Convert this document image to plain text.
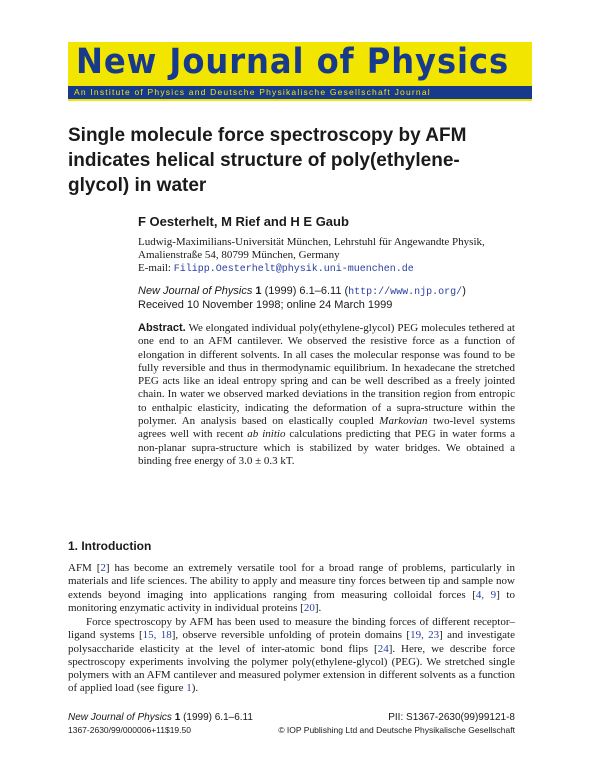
New Journal of Physics
An Institute of Physics and Deutsche Physikalische Gesellschaft Journal
Single molecule force spectroscopy by AFM indicates helical structure of poly(ethylene-glycol) in water
F Oesterhelt, M Rief and H E Gaub
Ludwig-Maximilians-Universität München, Lehrstuhl für Angewandte Physik,
Amalienstraße 54, 80799 München, Germany
E-mail: Filipp.Oesterhelt@physik.uni-muenchen.de
New Journal of Physics 1 (1999) 6.1–6.11 (http://www.njp.org/)
Received 10 November 1998; online 24 March 1999
Abstract. We elongated individual poly(ethylene-glycol) PEG molecules tethered at one end to an AFM cantilever. We observed the resistive force as a function of elongation in different solvents. In all cases the molecular response was found to be fully reversible and thus in thermodynamic equilibrium. In hexadecane the stretched PEG acts like an ideal entropy spring and can be well described as a freely jointed chain. In water we observed marked deviations in the transition region from entropic to enthalpic elasticity, indicating the deformation of a supra-structure within the polymer. An analysis based on elastically coupled Markovian two-level systems agrees well with recent ab initio calculations predicting that PEG in water forms a non-planar supra-structure which is stabilized by water bridges. We obtained a binding free energy of 3.0 ± 0.3 kT.
1. Introduction
AFM [2] has become an extremely versatile tool for a broad range of problems, particularly in materials and life sciences. The ability to apply and measure tiny forces between tip and sample now extends beyond imaging into applications ranging from measuring colloidal forces [4, 9] to monitoring enzymatic activity in individual proteins [20].
Force spectroscopy by AFM has been used to measure the binding forces of different receptor–ligand systems [15, 18], observe reversible unfolding of protein domains [19, 23] and investigate polysaccharide elasticity at the level of inter-atomic bond flips [24]. Here, we describe force spectroscopy experiments involving the polymer poly(ethylene-glycol) (PEG). We stretched single polymers with an AFM cantilever and measured polymer extension in different solvents as a function of applied load (see figure 1).
New Journal of Physics 1 (1999) 6.1–6.11	PII: S1367-2630(99)99121-8
1367-2630/99/000006+11$19.50	© IOP Publishing Ltd and Deutsche Physikalische Gesellschaft
